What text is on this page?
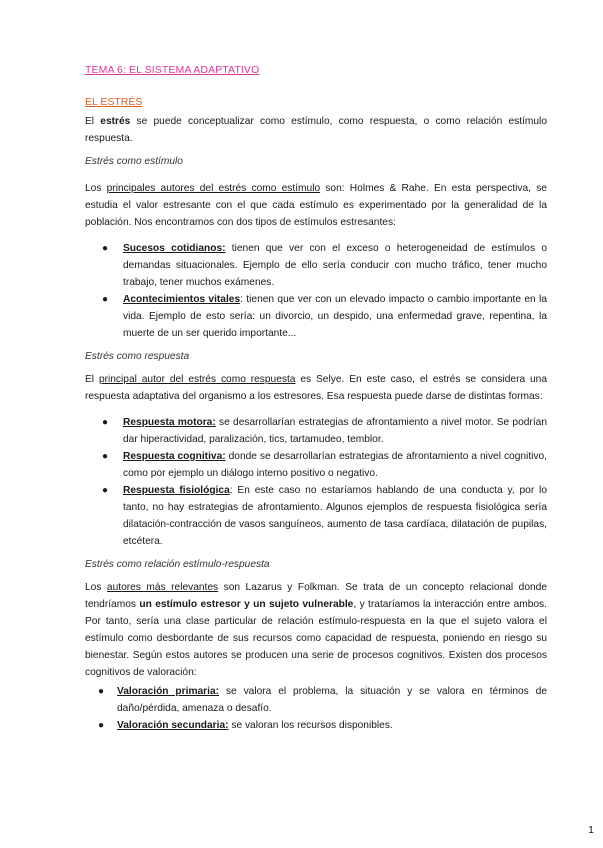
TEMA 6: EL SISTEMA ADAPTATIVO
EL ESTRÉS

El estrés se puede conceptualizar como estímulo, como respuesta, o como relación estímulo respuesta.

Estrés como estímulo

Los principales autores del estrés como estímulo son: Holmes & Rahe. En esta perspectiva, se estudia el valor estresante con el que cada estímulo es experimentado por la generalidad de la población. Nos encontramos con dos tipos de estímulos estresantes:

● Sucesos cotidianos: tienen que ver con el exceso o heterogeneidad de estímulos o demandas situacionales. Ejemplo de ello sería conducir con mucho tráfico, tener mucho trabajo, tener muchos exámenes.
● Acontecimientos vitales: tienen que ver con un elevado impacto o cambio importante en la vida. Ejemplo de esto sería: un divorcio, un despido, una enfermedad grave, repentina, la muerte de un ser querido importante...
Estrés como respuesta

El principal autor del estrés como respuesta es Selye. En este caso, el estrés se considera una respuesta adaptativa del organismo a los estresores. Esa respuesta puede darse de distintas formas:

● Respuesta motora: se desarrollarían estrategias de afrontamiento a nivel motor. Se podrían dar hiperactividad, paralización, tics, tartamudeo, temblor.
● Respuesta cognitiva: donde se desarrollarían estrategias de afrontamiento a nivel cognitivo, como por ejemplo un diálogo interno positivo o negativo.
● Respuesta fisiológica: En este caso no estaríamos hablando de una conducta y, por lo tanto, no hay estrategias de afrontamiento. Algunos ejemplos de respuesta fisiológica sería dilatación-contracción de vasos sanguíneos, aumento de tasa cardíaca, dilatación de pupilas, etcétera.
Estrés como relación estímulo-respuesta

Los autores más relevantes son Lazarus y Folkman. Se trata de un concepto relacional donde tendríamos un estímulo estresor y un sujeto vulnerable, y trataríamos la interacción entre ambos. Por tanto, sería una clase particular de relación estímulo-respuesta en la que el sujeto valora el estímulo como desbordante de sus recursos como capacidad de respuesta, poniendo en riesgo su bienestar. Según estos autores se producen una serie de procesos cognitivos. Existen dos procesos cognitivos de valoración:

● Valoración primaria: se valora el problema, la situación y se valora en términos de daño/pérdida, amenaza o desafío.
● Valoración secundaria: se valoran los recursos disponibles.
1
